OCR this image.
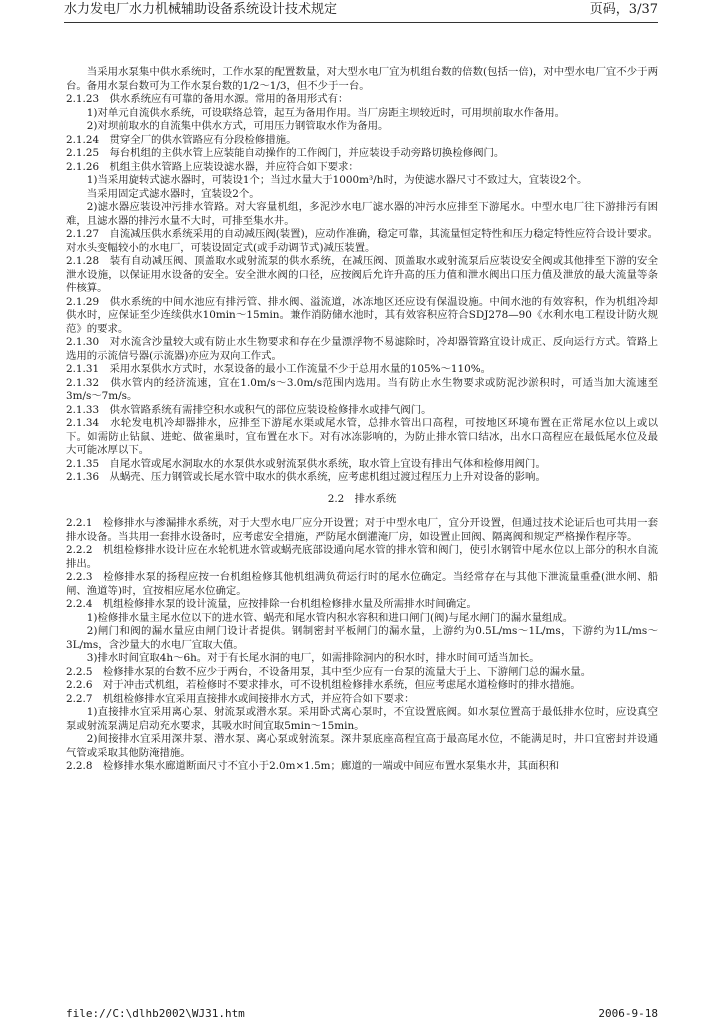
水力发电厂水力机械辅助设备系统设计技术规定	页码，3/37

当采用水泵集中供水系统时，工作水泵的配置数量，对大型水电厂宜为机组台数的倍数(包括一倍)，对中型水电厂宜不少于两台。备用水泵台数可为工作水泵台数的1/2～1/3，但不少于一台。

2.1.23　供水系统应有可靠的备用水源。常用的备用形式有：

1)对单元自流供水系统，可设联络总管，起互为备用作用。当厂房距主坝较近时，可用坝前取水作备用。

2)对坝前取水的自流集中供水方式，可用压力钢管取水作为备用。

2.1.24　贯穿全厂的供水管路应有分段检修措施。

2.1.25　每台机组的主供水管上应装能自动操作的工作阀门，并应装设手动旁路切换检修阀门。

2.1.26　机组主供水管路上应装设滤水器，并应符合如下要求：

1)当采用旋转式滤水器时，可装设1个；当过水量大于1000m³/h时，为使滤水器尺寸不致过大，宜装设2个。

当采用固定式滤水器时，宜装设2个。

2)滤水器应装设冲污排水管路。对大容量机组，多泥沙水电厂滤水器的冲污水应排至下游尾水。中型水电厂往下游排污有困难，且滤水器的排污水量不大时，可排至集水井。

2.1.27　自流减压供水系统采用的自动减压阀(装置)，应动作准确，稳定可靠，其流量恒定特性和压力稳定特性应符合设计要求。对水头变幅较小的水电厂，可装设固定式(或手动调节式)减压装置。

2.1.28　装有自动减压阀、顶盖取水或射流泵的供水系统，在减压阀、顶盖取水或射流泵后应装设安全阀或其他排至下游的安全泄水设施，以保证用水设备的安全。安全泄水阀的口径，应按阀后允许升高的压力值和泄水阀出口压力值及泄放的最大流量等条件核算。

2.1.29　供水系统的中间水池应有排污管、排水阀、溢流道，冰冻地区还应设有保温设施。中间水池的有效容积，作为机组冷却供水时，应保证至少连续供水10min～15min。兼作消防储水池时，其有效容积应符合SDJ278—90《水利水电工程设计防火规范》的要求。

2.1.30　对水流含沙量较大或有防止水生物要求和存在少量漂浮物不易滤除时，冷却器管路宜设计成正、反向运行方式。管路上选用的示流信号器(示流器)亦应为双向工作式。

2.1.31　采用水泵供水方式时，水泵设备的最小工作流量不少于总用水量的105%～110%。

2.1.32　供水管内的经济流速，宜在1.0m/s～3.0m/s范围内选用。当有防止水生物要求或防泥沙淤积时，可适当加大流速至3m/s～7m/s。

2.1.33　供水管路系统有需排空积水或积气的部位应装设检修排水或排气阀门。

2.1.34　水轮发电机冷却器排水，应排至下游尾水渠或尾水管，总排水管出口高程，可按地区环境布置在正常尾水位以上或以下。如需防止钻鼠、进蛇、做雀巢时，宜布置在水下。对有冰冻影响的，为防止排水管口结冰，出水口高程应在最低尾水位及最大可能冰厚以下。

2.1.35　自尾水管或尾水洞取水的水泵供水或射流泵供水系统，取水管上宜设有排出气体和检修用阀门。

2.1.36　从蜗壳、压力钢管或长尾水管中取水的供水系统，应考虑机组过渡过程压力上升对设备的影响。

2.2　排水系统

2.2.1　检修排水与渗漏排水系统，对于大型水电厂应分开设置；对于中型水电厂，宜分开设置，但通过技术论证后也可共用一套排水设备。当共用一套排水设备时，应考虑安全措施，严防尾水倒灌淹厂房，如设置止回阀、隔离阀和规定严格操作程序等。

2.2.2　机组检修排水设计应在水轮机进水管或蜗壳底部设通向尾水管的排水管和阀门，使引水钢管中尾水位以上部分的积水自流排出。

2.2.3　检修排水泵的扬程应按一台机组检修其他机组满负荷运行时的尾水位确定。当经常存在与其他下泄流量重叠(泄水闸、船闸、渔道等)时，宜按相应尾水位确定。

2.2.4　机组检修排水泵的设计流量，应按排除一台机组检修排水量及所需排水时间确定。

1)检修排水量主尾水位以下的进水管、蜗壳和尾水管内积水容积和进口闸门(阀)与尾水闸门的漏水量组成。

2)闸门和阀的漏水量应由闸门设计者提供。钢制密封平板闸门的漏水量，上游约为0.5L/ms～1L/ms，下游约为1L/ms～3L/ms，含沙量大的水电厂宜取大值。

3)排水时间宜取4h～6h。对于有长尾水洞的电厂，如需排除洞内的积水时，排水时间可适当加长。

2.2.5　检修排水泵的台数不应少于两台，不设备用泵，其中至少应有一台泵的流量大于上、下游闸门总的漏水量。

2.2.6　对于冲击式机组，若检修时不要求排水，可不设机组检修排水系统，但应考虑尾水道检修时的排水措施。

2.2.7　机组检修排水宜采用直接排水或间接排水方式，并应符合如下要求：

1)直接排水宜采用离心泵、射流泵或潜水泵。采用卧式离心泵时，不宜设置底阀。如水泵位置高于最低排水位时，应设真空泵或射流泵满足启动充水要求，其吸水时间宜取5min～15min。

2)间接排水宜采用深井泵、潜水泵、离心泵或射流泵。深井泵底座高程宜高于最高尾水位，不能满足时，井口宜密封并设通气管或采取其他防淹措施。

2.2.8　检修排水集水廊道断面尺寸不宜小于2.0m×1.5m；廊道的一端或中间应布置水泵集水井，其面积和

file://C:\dlhb2002\WJ31.htm	2006-9-18
